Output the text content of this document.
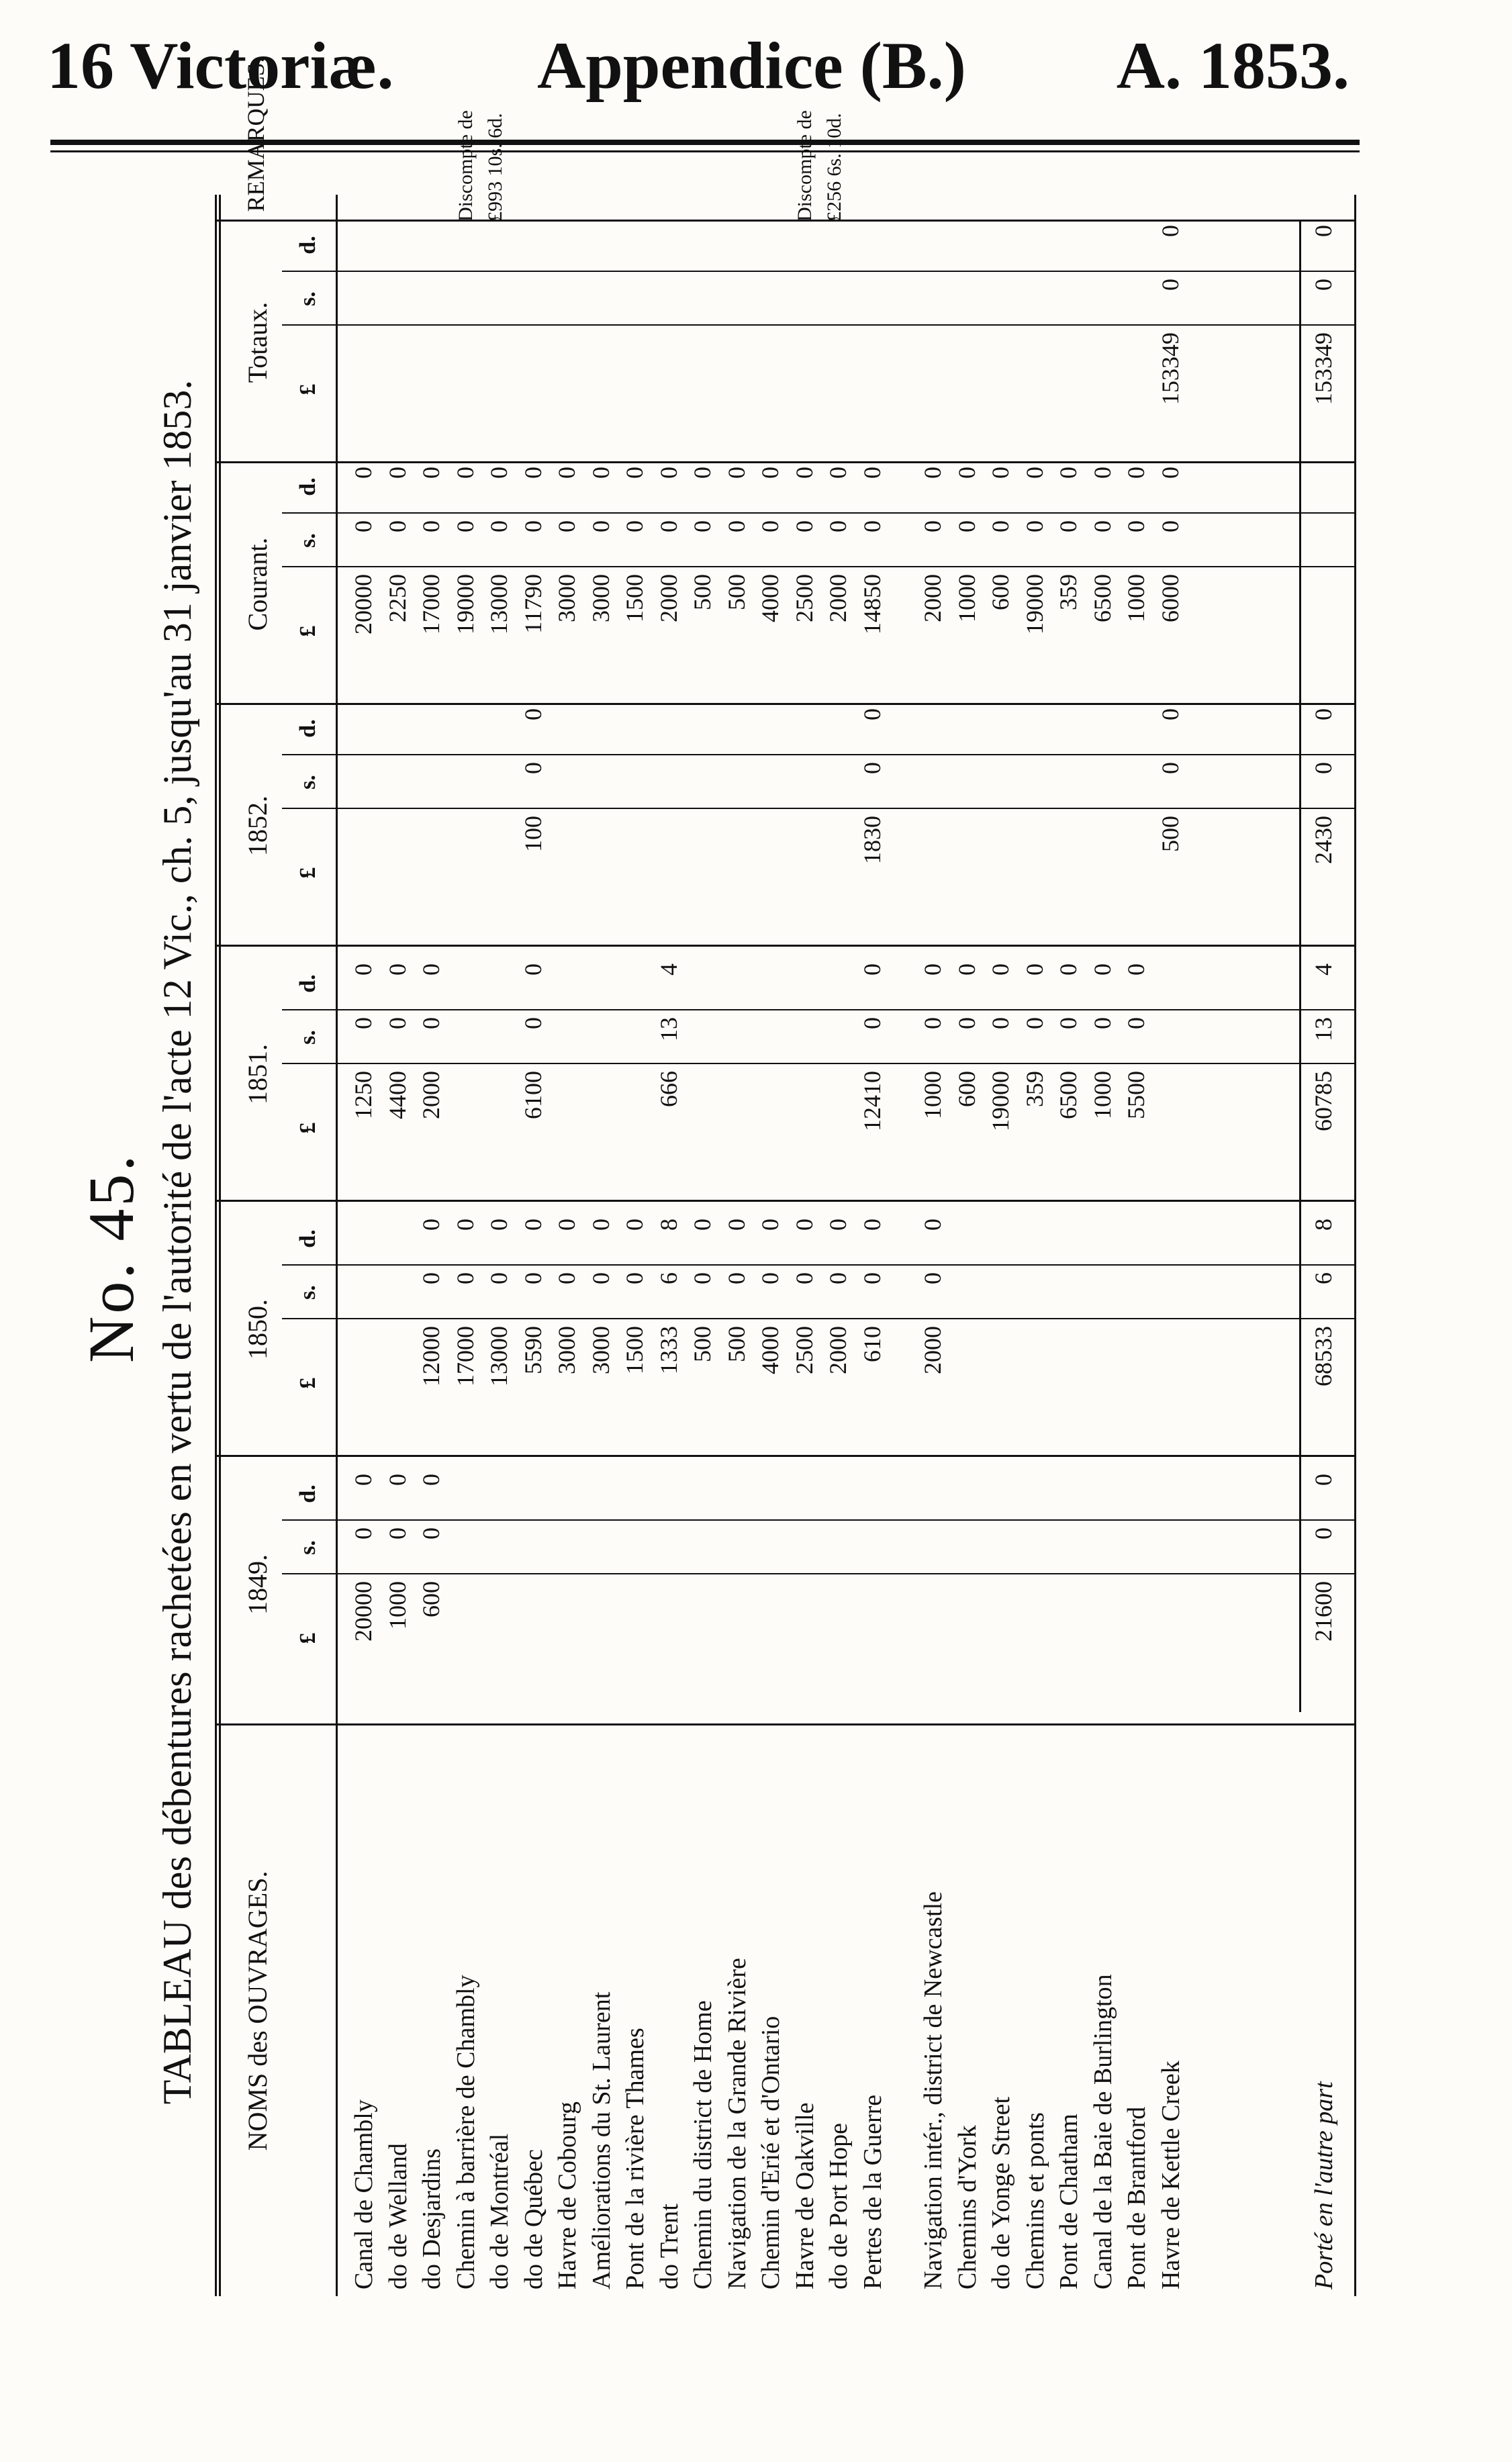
16 Victoriæ. Appendice (B.) A. 1853.
No. 45. TABLEAU des débentures rachetées en vertu de l'autorité de l'acte 12 Vic., ch. 5, jusqu'au 31 janvier 1853. NOMS des OUVRAGES.
1849.
1850.
1851.
1852.
Courant.
Totaux.
REMARQUES.
£
s.
d.
£
s.
d.
£
s.
d.
£
s.
d.
£
s.
d.
£
s.
d.
Canal de Chambly
20000
0
0
1250
0
0
20000
0
0
do de Welland
1000
0
0
4400
0
0
2250
0
0
do Desjardins
600
0
0
12000
0
0
2000
0
0
17000
0
0
Chemin à barrière de Chambly
17000
0
0
19000
0
0
do de Montréal
13000
0
0
13000
0
0
do de Québec
5590
0
0
6100
0
0
100
0
0
11790
0
0
Havre de Cobourg
3000
0
0
3000
0
0
Améliorations du St. Laurent
3000
0
0
3000
0
0
Pont de la rivière Thames
1500
0
0
1500
0
0
do Trent
1333
6
8
666
13
4
2000
0
0
Chemin du district de Home
500
0
0
500
0
0
Navigation de la Grande Rivière
500
0
0
500
0
0
Chemin d'Erié et d'Ontario
4000
0
0
4000
0
0
Havre de Oakville
2500
0
0
2500
0
0
do de Port Hope
2000
0
0
2000
0
0
Pertes de la Guerre
610
0
0
12410
0
0
1830
0
0
14850
0
0
Navigation intér., district de Newcastle
2000
0
0
1000
0
0
2000
0
0
Chemins d'York
600
0
0
1000
0
0
do de Yonge Street
19000
0
0
600
0
0
Chemins et ponts
359
0
0
19000
0
0
Pont de Chatham
6500
0
0
359
0
0
Canal de la Baie de Burlington
1000
0
0
6500
0
0
Pont de Brantford
5500
0
0
1000
0
0
Havre de Kettle Creek
500
0
0
6000
0
0
153349
0
0
Porté en l'autre part
21600
0
0
68533
6
8
60785
13
4
2430
0
0
153349
0
0
Discompte de £993 10s. 6d.	Discompte de £256 6s. 10d.
